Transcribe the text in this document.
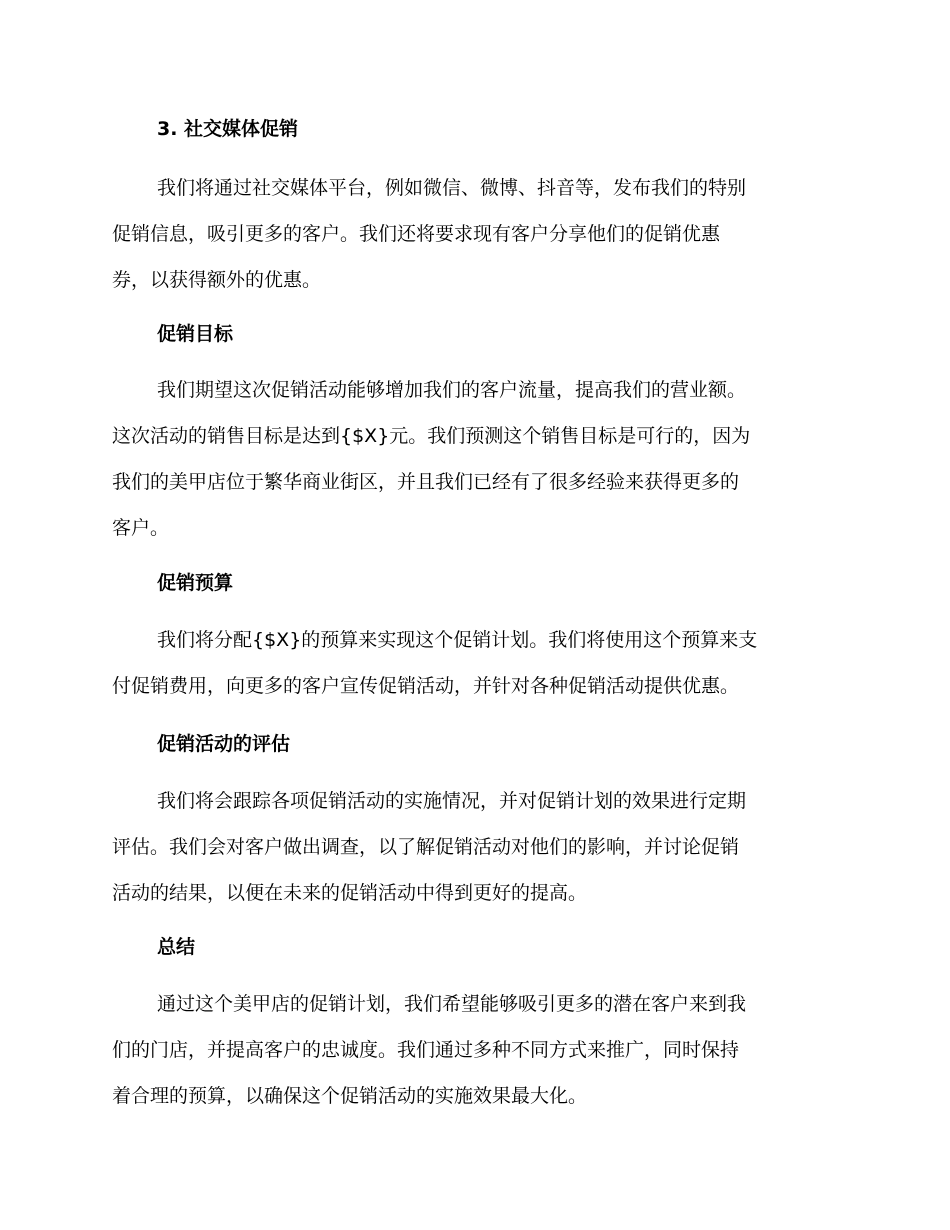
3. 社交媒体促销

我们将通过社交媒体平台，例如微信、微博、抖音等，发布我们的特别
促销信息，吸引更多的客户。我们还将要求现有客户分享他们的促销优惠
券，以获得额外的优惠。

促销目标

我们期望这次促销活动能够增加我们的客户流量，提高我们的营业额。
这次活动的销售目标是达到{$X}元。我们预测这个销售目标是可行的，因为
我们的美甲店位于繁华商业街区，并且我们已经有了很多经验来获得更多的
客户。

促销预算

我们将分配{$X}的预算来实现这个促销计划。我们将使用这个预算来支
付促销费用，向更多的客户宣传促销活动，并针对各种促销活动提供优惠。

促销活动的评估

我们将会跟踪各项促销活动的实施情况，并对促销计划的效果进行定期
评估。我们会对客户做出调查，以了解促销活动对他们的影响，并讨论促销
活动的结果，以便在未来的促销活动中得到更好的提高。

总结

通过这个美甲店的促销计划，我们希望能够吸引更多的潜在客户来到我
们的门店，并提高客户的忠诚度。我们通过多种不同方式来推广，同时保持
着合理的预算，以确保这个促销活动的实施效果最大化。
